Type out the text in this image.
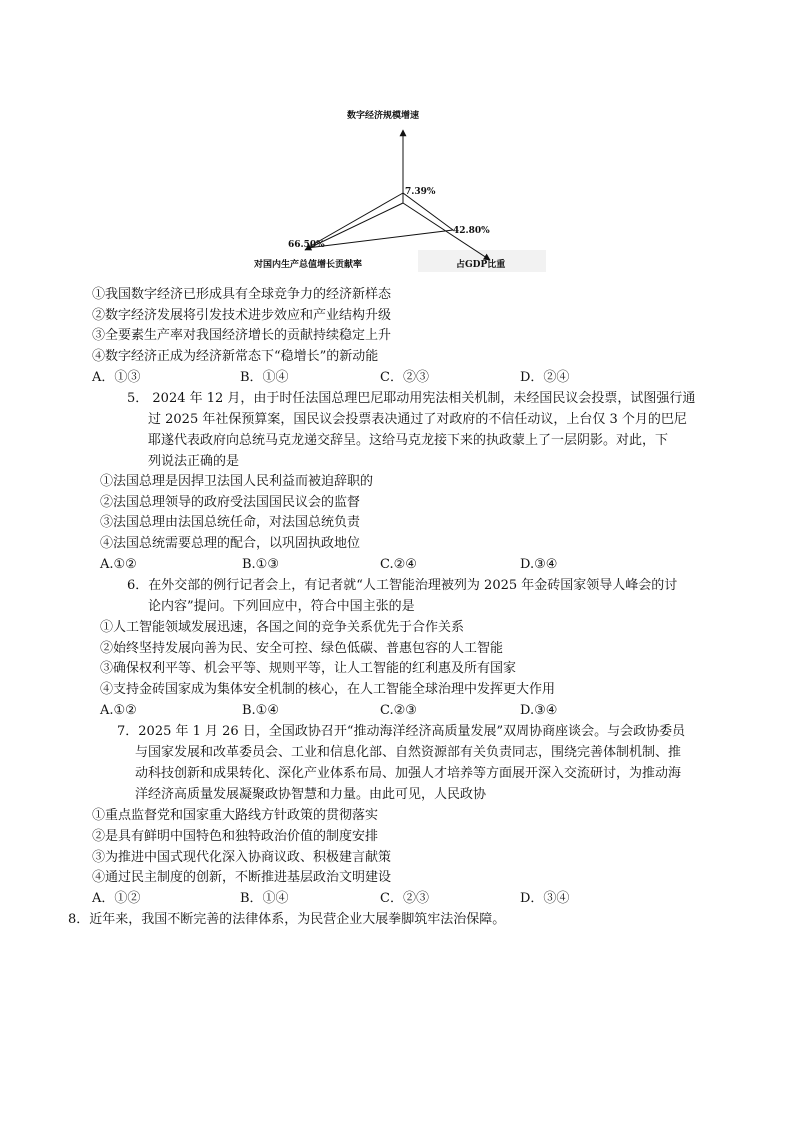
数字经济规模增速
7.39%
66.50%
42.80%
对国内生产总值增长贡献率	占GDP比重
①我国数字经济已形成具有全球竞争力的经济新样态
②数字经济发展将引发技术进步效应和产业结构升级
③全要素生产率对我国经济增长的贡献持续稳定上升
④数字经济正成为经济新常态下“稳增长”的新动能
A．①③	B．①④	C．②③	D．②④
5． 2024 年 12 月，由于时任法国总理巴尼耶动用宪法相关机制，未经国民议会投票，试图强行通
过 2025 年社保预算案，国民议会投票表决通过了对政府的不信任动议，上台仅 3 个月的巴尼
耶遂代表政府向总统马克龙递交辞呈。这给马克龙接下来的执政蒙上了一层阴影。对此，下
列说法正确的是
①法国总理是因捍卫法国人民利益而被迫辞职的
②法国总理领导的政府受法国国民议会的监督
③法国总理由法国总统任命，对法国总统负责
④法国总统需要总理的配合，以巩固执政地位
A.①②	B.①③	C.②④	D.③④
6．在外交部的例行记者会上，有记者就“人工智能治理被列为 2025 年金砖国家领导人峰会的讨
论内容”提问。下列回应中，符合中国主张的是
①人工智能领域发展迅速，各国之间的竞争关系优先于合作关系
②始终坚持发展向善为民、安全可控、绿色低碳、普惠包容的人工智能
③确保权利平等、机会平等、规则平等，让人工智能的红利惠及所有国家
④支持金砖国家成为集体安全机制的核心，在人工智能全球治理中发挥更大作用
A.①②	B.①④	C.②③	D.③④
7．2025 年 1 月 26 日，全国政协召开“推动海洋经济高质量发展”双周协商座谈会。与会政协委员
与国家发展和改革委员会、工业和信息化部、自然资源部有关负责同志，围绕完善体制机制、推
动科技创新和成果转化、深化产业体系布局、加强人才培养等方面展开深入交流研讨，为推动海
洋经济高质量发展凝聚政协智慧和力量。由此可见，人民政协
①重点监督党和国家重大路线方针政策的贯彻落实
②是具有鲜明中国特色和独特政治价值的制度安排
③为推进中国式现代化深入协商议政、积极建言献策
④通过民主制度的创新，不断推进基层政治文明建设
A．①②	B．①④	C．②③	D．③④
8．近年来，我国不断完善的法律体系，为民营企业大展拳脚筑牢法治保障。
